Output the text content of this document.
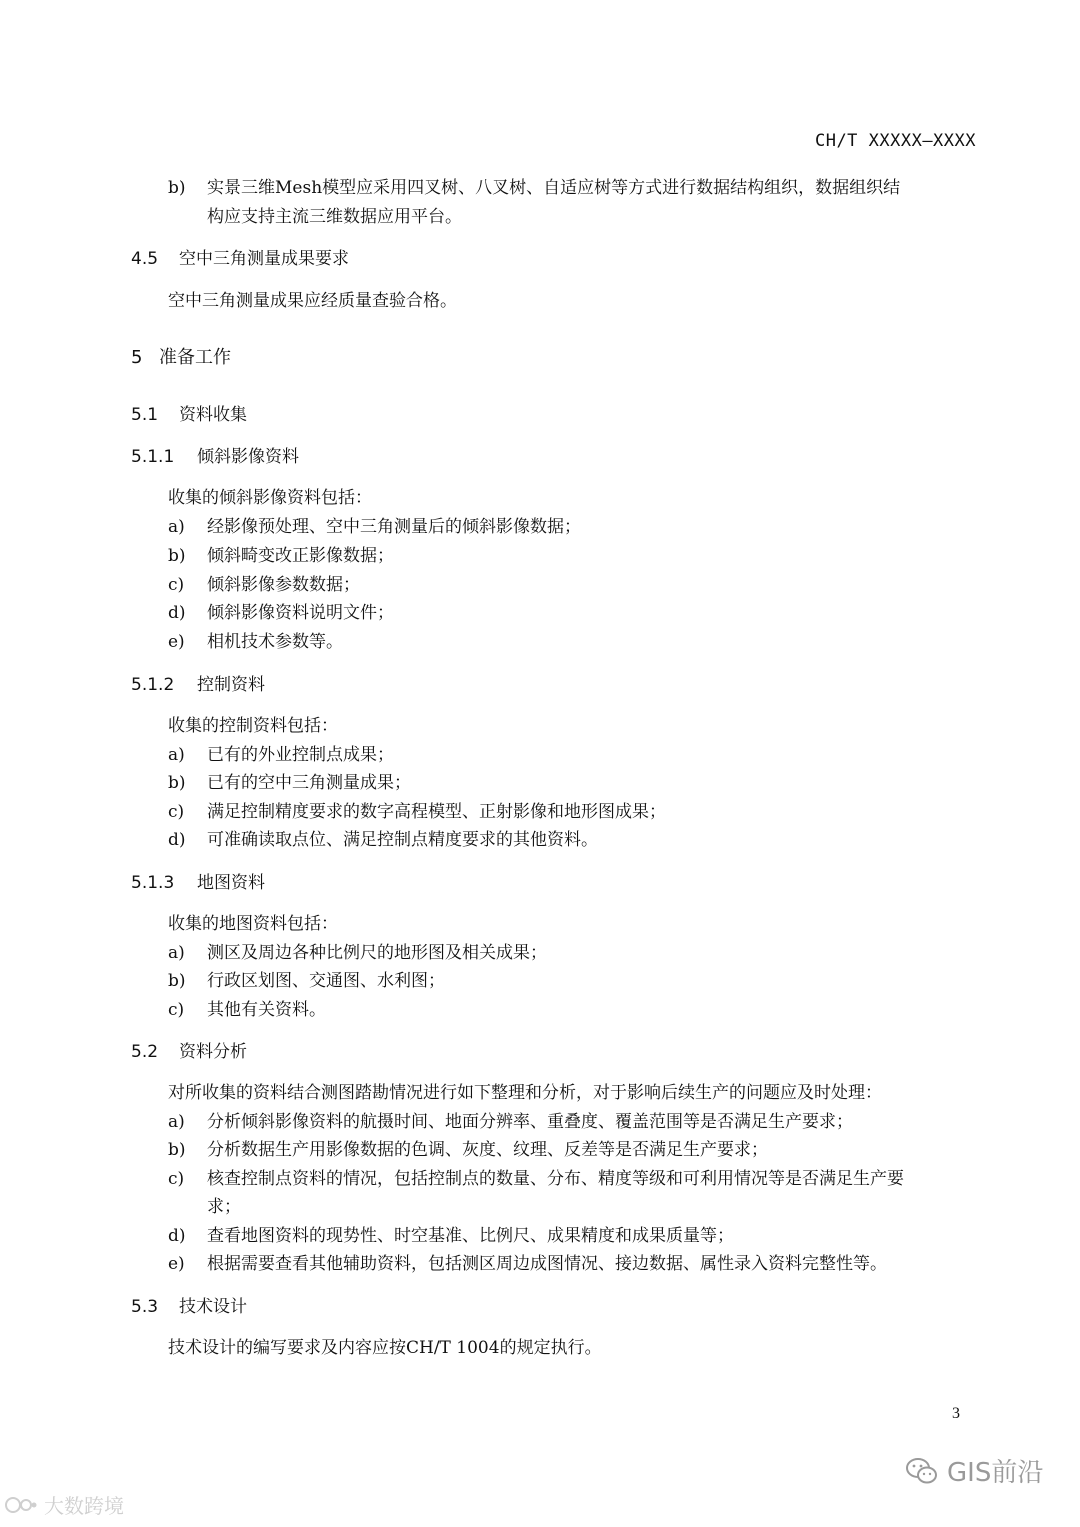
CH/T XXXXX—XXXX
b) 实景三维Mesh模型应采用四叉树、八叉树、自适应树等方式进行数据结构组织，数据组织结
构应支持主流三维数据应用平台。
4.5 空中三角测量成果要求
空中三角测量成果应经质量查验合格。
5 准备工作
5.1 资料收集
5.1.1 倾斜影像资料
收集的倾斜影像资料包括：
a) 经影像预处理、空中三角测量后的倾斜影像数据；
b) 倾斜畸变改正影像数据；
c) 倾斜影像参数数据；
d) 倾斜影像资料说明文件；
e) 相机技术参数等。
5.1.2 控制资料
收集的控制资料包括：
a) 已有的外业控制点成果；
b) 已有的空中三角测量成果；
c) 满足控制精度要求的数字高程模型、正射影像和地形图成果；
d) 可准确读取点位、满足控制点精度要求的其他资料。
5.1.3 地图资料
收集的地图资料包括：
a) 测区及周边各种比例尺的地形图及相关成果；
b) 行政区划图、交通图、水利图；
c) 其他有关资料。
5.2 资料分析
对所收集的资料结合测图踏勘情况进行如下整理和分析，对于影响后续生产的问题应及时处理：
a) 分析倾斜影像资料的航摄时间、地面分辨率、重叠度、覆盖范围等是否满足生产要求；
b) 分析数据生产用影像数据的色调、灰度、纹理、反差等是否满足生产要求；
c) 核查控制点资料的情况，包括控制点的数量、分布、精度等级和可利用情况等是否满足生产要
求；
d) 查看地图资料的现势性、时空基准、比例尺、成果精度和成果质量等；
e) 根据需要查看其他辅助资料，包括测区周边成图情况、接边数据、属性录入资料完整性等。
5.3 技术设计
技术设计的编写要求及内容应按CH/T 1004的规定执行。
3
大数跨境
GIS前沿
